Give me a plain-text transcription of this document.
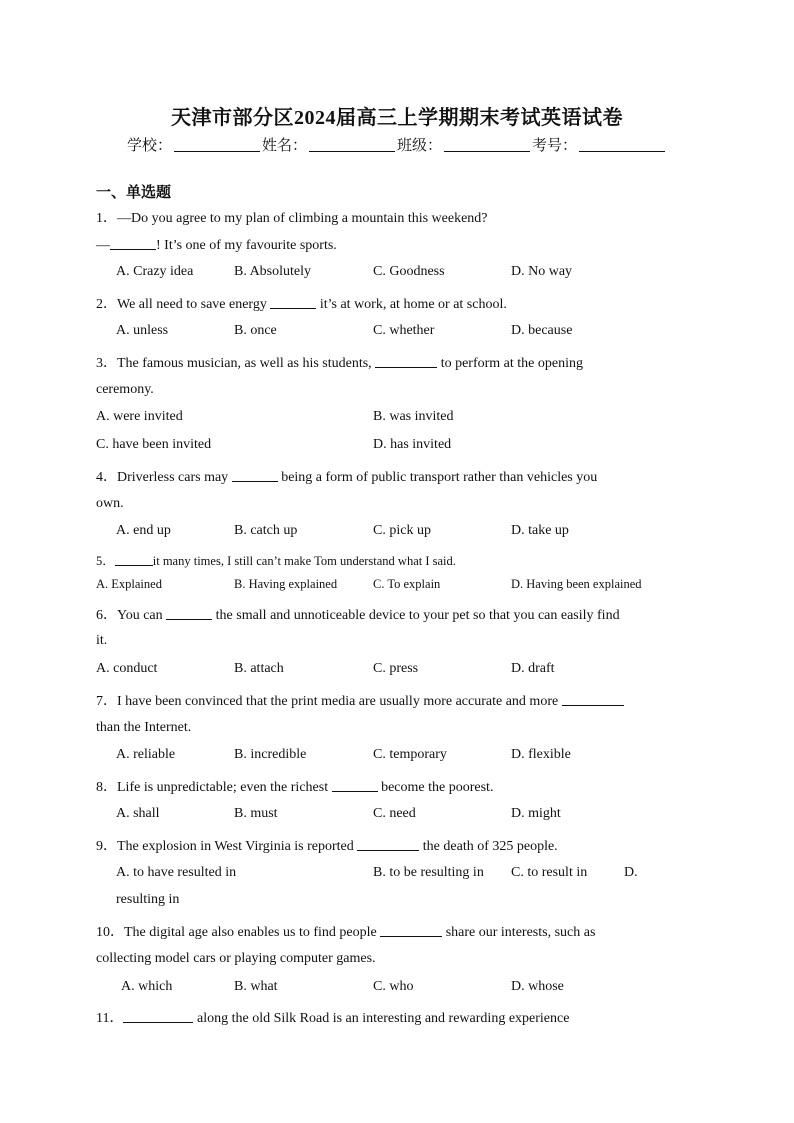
天津市部分区2024届高三上学期期末考试英语试卷
学校：	姓名：	班级：	考号：
一、单选题
1．—Do you agree to my plan of climbing a mountain this weekend?
—	! It’s one of my favourite sports.
A. Crazy idea	B. Absolutely	C. Goodness	D. No way
2．We all need to save energy	it’s at work, at home or at school.
A. unless	B. once	C. whether	D. because
3．The famous musician, as well as his students,	to perform at the opening
ceremony.
A. were invited	B. was invited
C. have been invited	D. has invited
4．Driverless cars may	being a form of public transport rather than vehicles you
own.
A. end up	B. catch up	C. pick up	D. take up
5．	it many times, I still can’t make Tom understand what I said.
A. Explained	B. Having explained	C. To explain	D. Having been explained
6．You can	the small and unnoticeable device to your pet so that you can easily find
it.
A. conduct	B. attach	C. press	D. draft
7．I have been convinced that the print media are usually more accurate and more
than the Internet.
A. reliable	B. incredible	C. temporary	D. flexible
8．Life is unpredictable; even the richest	become the poorest.
A. shall	B. must	C. need	D. might
9．The explosion in West Virginia is reported	the death of 325 people.
A. to have resulted in	B. to be resulting in C. to result in	D.
resulting in
10．The digital age also enables us to find people	share our interests, such as
collecting model cars or playing computer games.
A. which	B. what	C. who	D. whose
11．	along the old Silk Road is an interesting and rewarding experience
